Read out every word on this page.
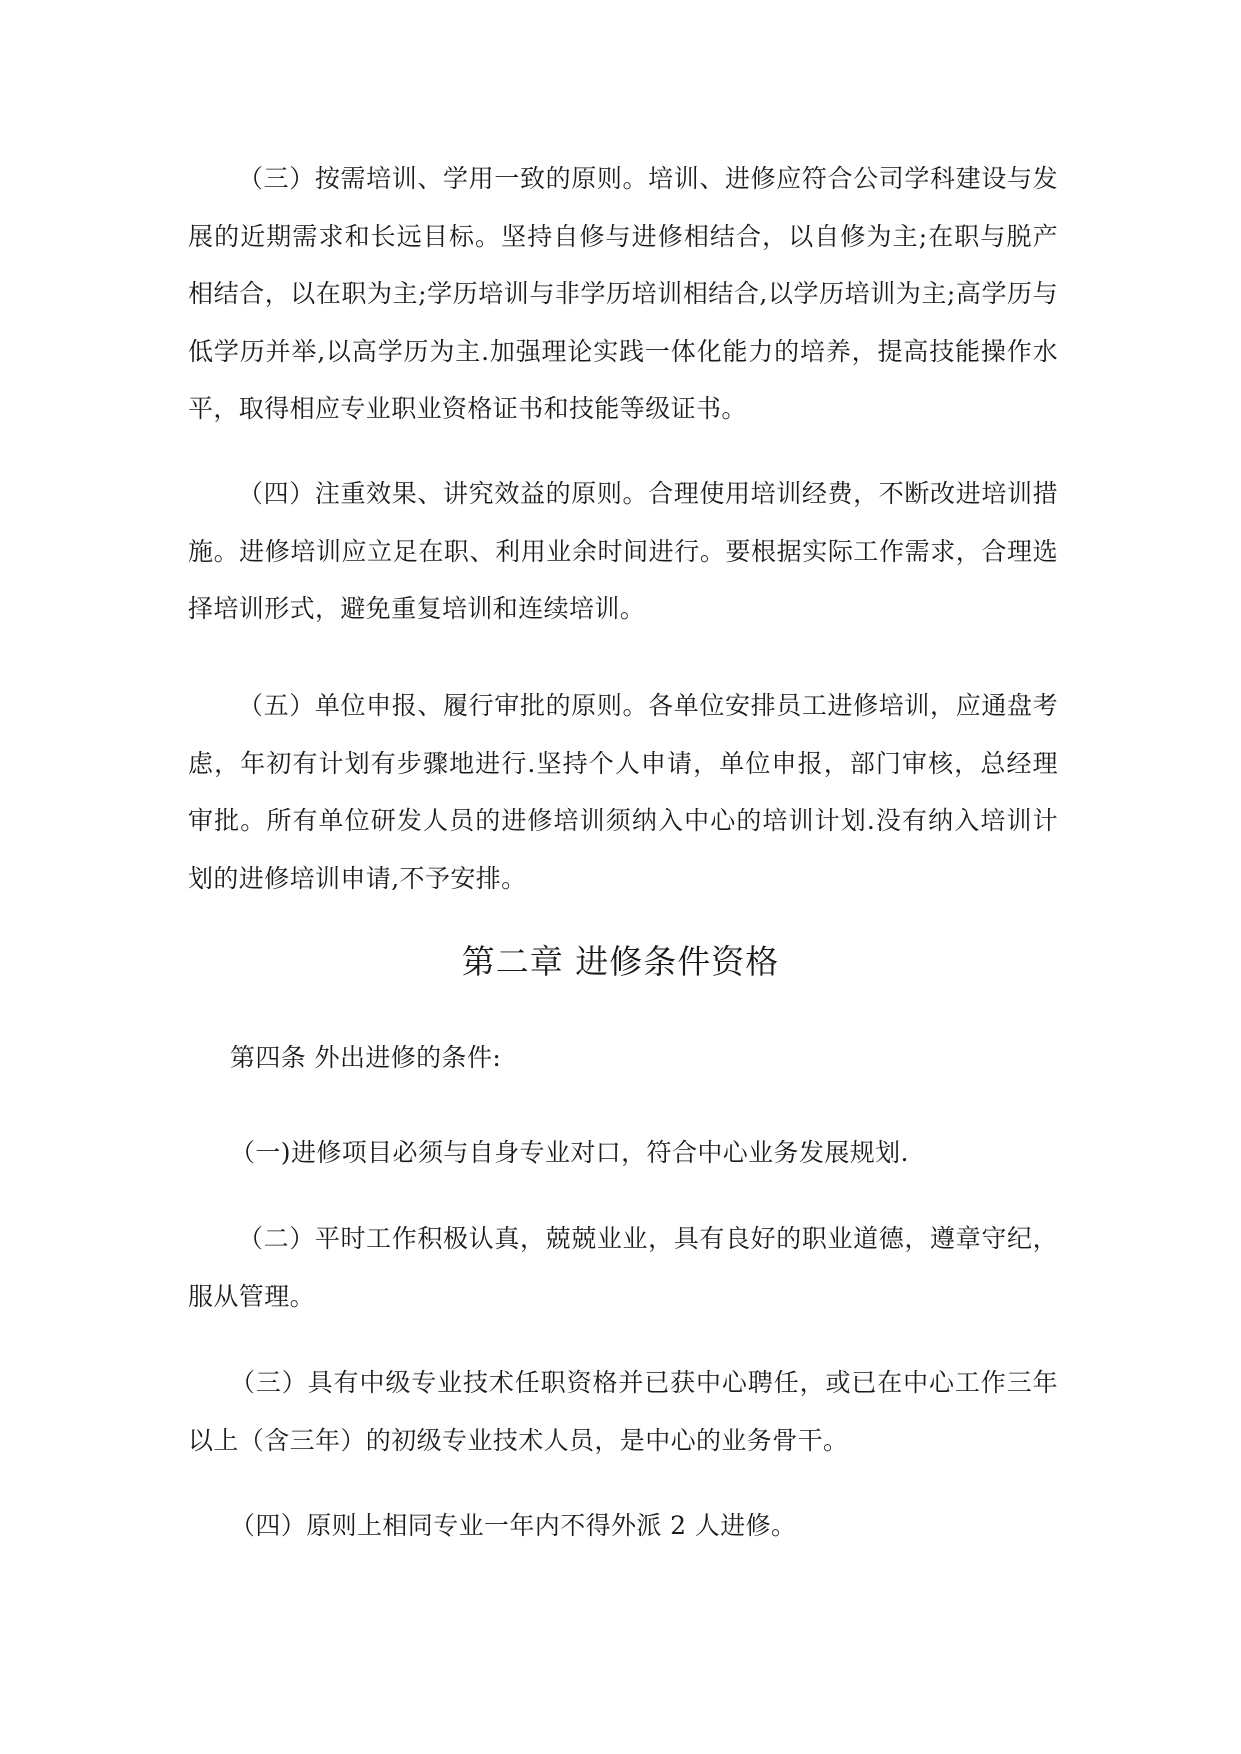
（三）按需培训、学用一致的原则。培训、进修应符合公司学科建设与发展的近期需求和长远目标。坚持自修与进修相结合，以自修为主;在职与脱产相结合，以在职为主;学历培训与非学历培训相结合,以学历培训为主;高学历与低学历并举,以高学历为主.加强理论实践一体化能力的培养，提高技能操作水平，取得相应专业职业资格证书和技能等级证书。

（四）注重效果、讲究效益的原则。合理使用培训经费，不断改进培训措施。进修培训应立足在职、利用业余时间进行。要根据实际工作需求，合理选择培训形式，避免重复培训和连续培训。

（五）单位申报、履行审批的原则。各单位安排员工进修培训，应通盘考虑，年初有计划有步骤地进行.坚持个人申请，单位申报，部门审核，总经理审批。所有单位研发人员的进修培训须纳入中心的培训计划.没有纳入培训计划的进修培训申请,不予安排。

第二章 进修条件资格

第四条 外出进修的条件:

（一)进修项目必须与自身专业对口，符合中心业务发展规划.

（二）平时工作积极认真，兢兢业业，具有良好的职业道德，遵章守纪，服从管理。

（三）具有中级专业技术任职资格并已获中心聘任，或已在中心工作三年以上（含三年）的初级专业技术人员，是中心的业务骨干。

（四）原则上相同专业一年内不得外派 2 人进修。
